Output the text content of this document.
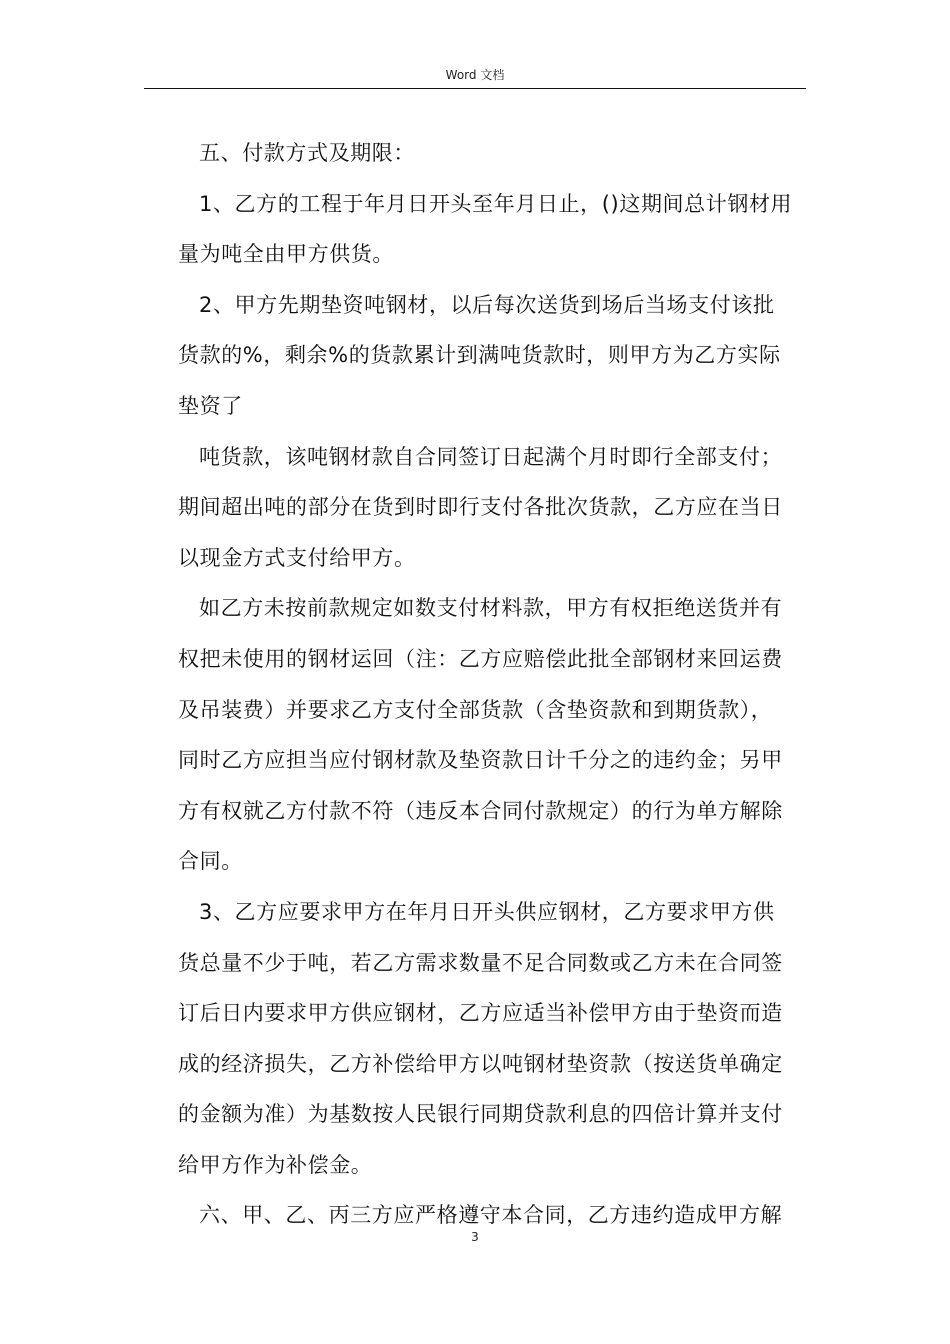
Word 文档
五、付款方式及期限：
1、乙方的工程于年月日开头至年月日止，()这期间总计钢材用
量为吨全由甲方供货。
2、甲方先期垫资吨钢材，以后每次送货到场后当场支付该批
货款的%，剩余%的货款累计到满吨货款时，则甲方为乙方实际
垫资了
吨货款，该吨钢材款自合同签订日起满个月时即行全部支付；
期间超出吨的部分在货到时即行支付各批次货款，乙方应在当日
以现金方式支付给甲方。
如乙方未按前款规定如数支付材料款，甲方有权拒绝送货并有
权把未使用的钢材运回（注：乙方应赔偿此批全部钢材来回运费
及吊装费）并要求乙方支付全部货款（含垫资款和到期货款），
同时乙方应担当应付钢材款及垫资款日计千分之的违约金；另甲
方有权就乙方付款不符（违反本合同付款规定）的行为单方解除
合同。
3、乙方应要求甲方在年月日开头供应钢材，乙方要求甲方供
货总量不少于吨，若乙方需求数量不足合同数或乙方未在合同签
订后日内要求甲方供应钢材，乙方应适当补偿甲方由于垫资而造
成的经济损失，乙方补偿给甲方以吨钢材垫资款（按送货单确定
的金额为准）为基数按人民银行同期贷款利息的四倍计算并支付
给甲方作为补偿金。
六、甲、乙、丙三方应严格遵守本合同，乙方违约造成甲方解
3
